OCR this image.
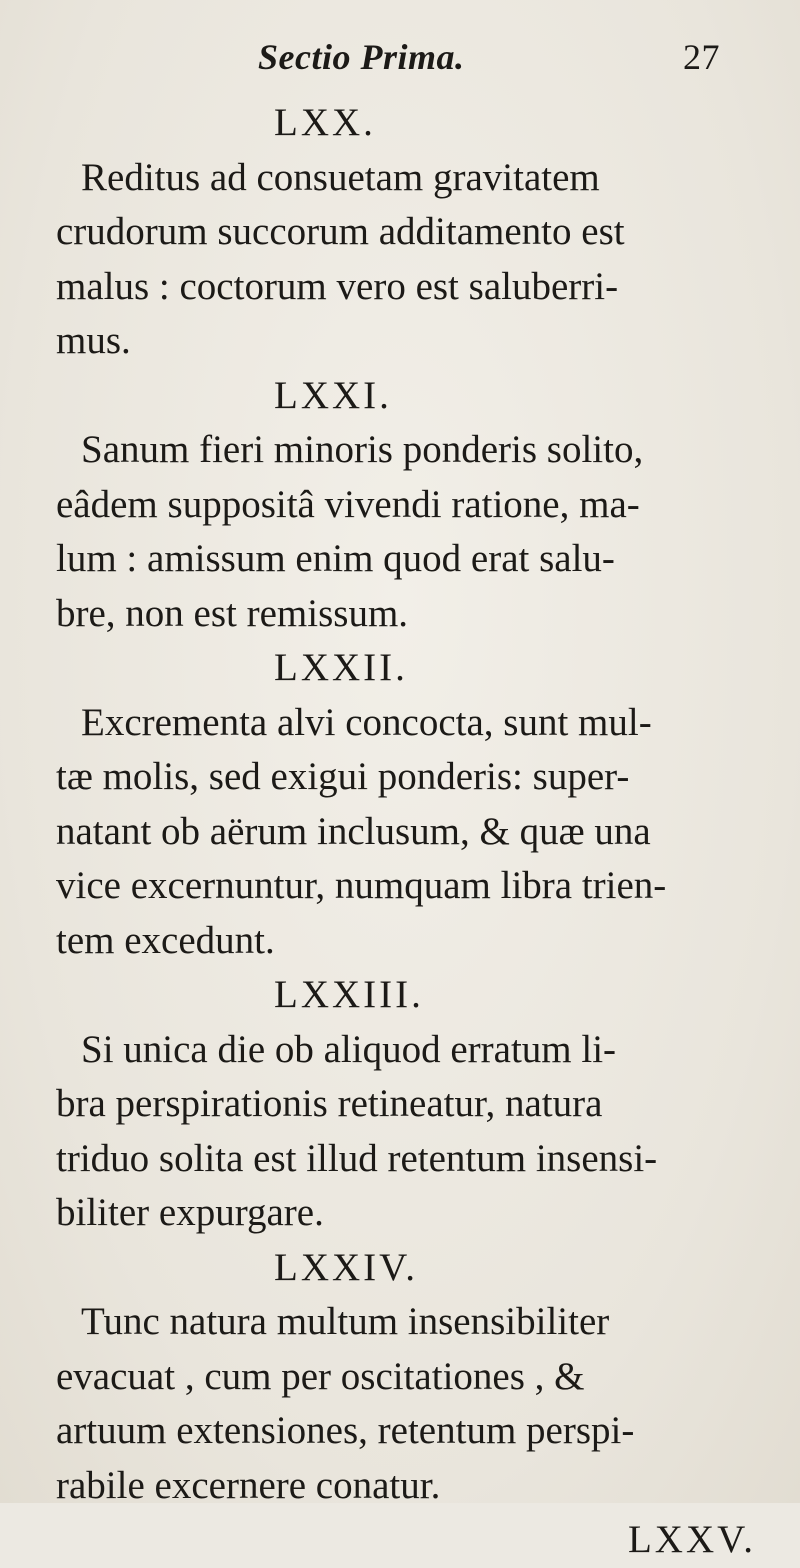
Sectio Prima.	27
LXX.
Reditus ad consuetam gravitatem
crudorum succorum additamento est
malus : coctorum vero est saluberri-
mus.
LXXI.
Sanum fieri minoris ponderis solito,
eâdem suppositâ vivendi ratione, ma-
lum : amissum enim quod erat salu-
bre, non est remissum.
LXXII.
Excrementa alvi concocta, sunt mul-
tæ molis, sed exigui ponderis: super-
natant ob aërum inclusum, & quæ una
vice excernuntur, numquam libra trien-
tem excedunt.
LXXIII.
Si unica die ob aliquod erratum li-
bra perspirationis retineatur, natura
triduo solita est illud retentum insensi-
biliter expurgare.
LXXIV.
Tunc natura multum insensibiliter
evacuat , cum per oscitationes , &
artuum extensiones, retentum perspi-
rabile excernere conatur.
LXXV.
